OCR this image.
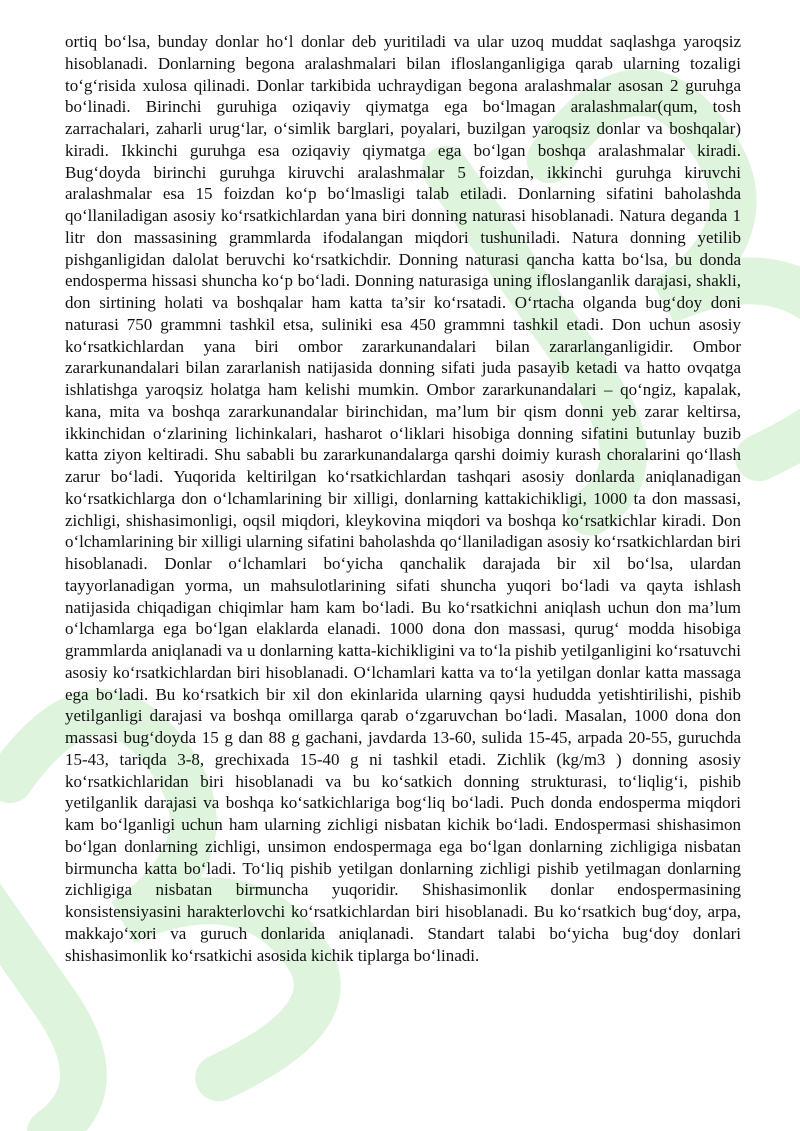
ortiq bo‘lsa, bunday donlar ho‘l donlar deb yuritiladi va ular uzoq muddat saqlashga yaroqsiz hisoblanadi. Donlarning begona aralashmalari bilan ifloslanganligiga qarab ularning tozaligi to‘g‘risida xulosa qilinadi. Donlar tarkibida uchraydigan begona aralashmalar asosan 2 guruhga bo‘linadi. Birinchi guruhiga oziqaviy qiymatga ega bo‘lmagan aralashmalar(qum, tosh zarrachalari, zaharli urug‘lar, o‘simlik barglari, poyalari, buzilgan yaroqsiz donlar va boshqalar) kiradi. Ikkinchi guruhga esa oziqaviy qiymatga ega bo‘lgan boshqa aralashmalar kiradi. Bug‘doyda birinchi guruhga kiruvchi aralashmalar 5 foizdan, ikkinchi guruhga kiruvchi aralashmalar esa 15 foizdan ko‘p bo‘lmasligi talab etiladi. Donlarning sifatini baholashda qo‘llaniladigan asosiy ko‘rsatkichlardan yana biri donning naturasi hisoblanadi. Natura deganda 1 litr don massasining grammlarda ifodalangan miqdori tushuniladi. Natura donning yetilib pishganligidan dalolat beruvchi ko‘rsatkichdir. Donning naturasi qancha katta bo‘lsa, bu donda endosperma hissasi shuncha ko‘p bo‘ladi. Donning naturasiga uning ifloslanganlik darajasi, shakli, don sirtining holati va boshqalar ham katta ta’sir ko‘rsatadi. O‘rtacha olganda bug‘doy doni naturasi 750 grammni tashkil etsa, suliniki esa 450 grammni tashkil etadi. Don uchun asosiy ko‘rsatkichlardan yana biri ombor zararkunandalari bilan zararlanganligidir. Ombor zararkunandalari bilan zararlanish natijasida donning sifati juda pasayib ketadi va hatto ovqatga ishlatishga yaroqsiz holatga ham kelishi mumkin. Ombor zararkunandalari – qo‘ngiz, kapalak, kana, mita va boshqa zararkunandalar birinchidan, ma’lum bir qism donni yeb zarar keltirsa, ikkinchidan o‘zlarining lichinkalari, hasharot o‘liklari hisobiga donning sifatini butunlay buzib katta ziyon keltiradi. Shu sababli bu zararkunandalarga qarshi doimiy kurash choralarini qo‘llash zarur bo‘ladi. Yuqorida keltirilgan ko‘rsatkichlardan tashqari asosiy donlarda aniqlanadigan ko‘rsatkichlarga don o‘lchamlarining bir xilligi, donlarning kattakichikligi, 1000 ta don massasi, zichligi, shishasimonligi, oqsil miqdori, kleykovina miqdori va boshqa ko‘rsatkichlar kiradi. Don o‘lchamlarining bir xilligi ularning sifatini baholashda qo‘llaniladigan asosiy ko‘rsatkichlardan biri hisoblanadi. Donlar o‘lchamlari bo‘yicha qanchalik darajada bir xil bo‘lsa, ulardan tayyorlanadigan yorma, un mahsulotlarining sifati shuncha yuqori bo‘ladi va qayta ishlash natijasida chiqadigan chiqimlar ham kam bo‘ladi. Bu ko‘rsatkichni aniqlash uchun don ma’lum o‘lchamlarga ega bo‘lgan elaklarda elanadi. 1000 dona don massasi, qurug‘ modda hisobiga grammlarda aniqlanadi va u donlarning katta-kichikligini va to‘la pishib yetilganligini ko‘rsatuvchi asosiy ko‘rsatkichlardan biri hisoblanadi. O‘lchamlari katta va to‘la yetilgan donlar katta massaga ega bo‘ladi. Bu ko‘rsatkich bir xil don ekinlarida ularning qaysi hududda yetishtirilishi, pishib yetilganligi darajasi va boshqa omillarga qarab o‘zgaruvchan bo‘ladi. Masalan, 1000 dona don massasi bug‘doyda 15 g dan 88 g gachani, javdarda 13-60, sulida 15-45, arpada 20-55, guruchda 15-43, tariqda 3-8, grechixada 15-40 g ni tashkil etadi. Zichlik (kg/m3 ) donning asosiy ko‘rsatkichlaridan biri hisoblanadi va bu ko‘satkich donning strukturasi, to‘liqlig‘i, pishib yetilganlik darajasi va boshqa ko‘satkichlariga bog‘liq bo‘ladi. Puch donda endosperma miqdori kam bo‘lganligi uchun ham ularning zichligi nisbatan kichik bo‘ladi. Endospermasi shishasimon bo‘lgan donlarning zichligi, unsimon endospermaga ega bo‘lgan donlarning zichligiga nisbatan birmuncha katta bo‘ladi. To‘liq pishib yetilgan donlarning zichligi pishib yetilmagan donlarning zichligiga nisbatan birmuncha yuqoridir. Shishasimonlik donlar endospermasining konsistensiyasini harakterlovchi ko‘rsatkichlardan biri hisoblanadi. Bu ko‘rsatkich bug‘doy, arpa, makkajo‘xori va guruch donlarida aniqlanadi. Standart talabi bo‘yicha bug‘doy donlari shishasimonlik ko‘rsatkichi asosida kichik tiplarga bo‘linadi.
